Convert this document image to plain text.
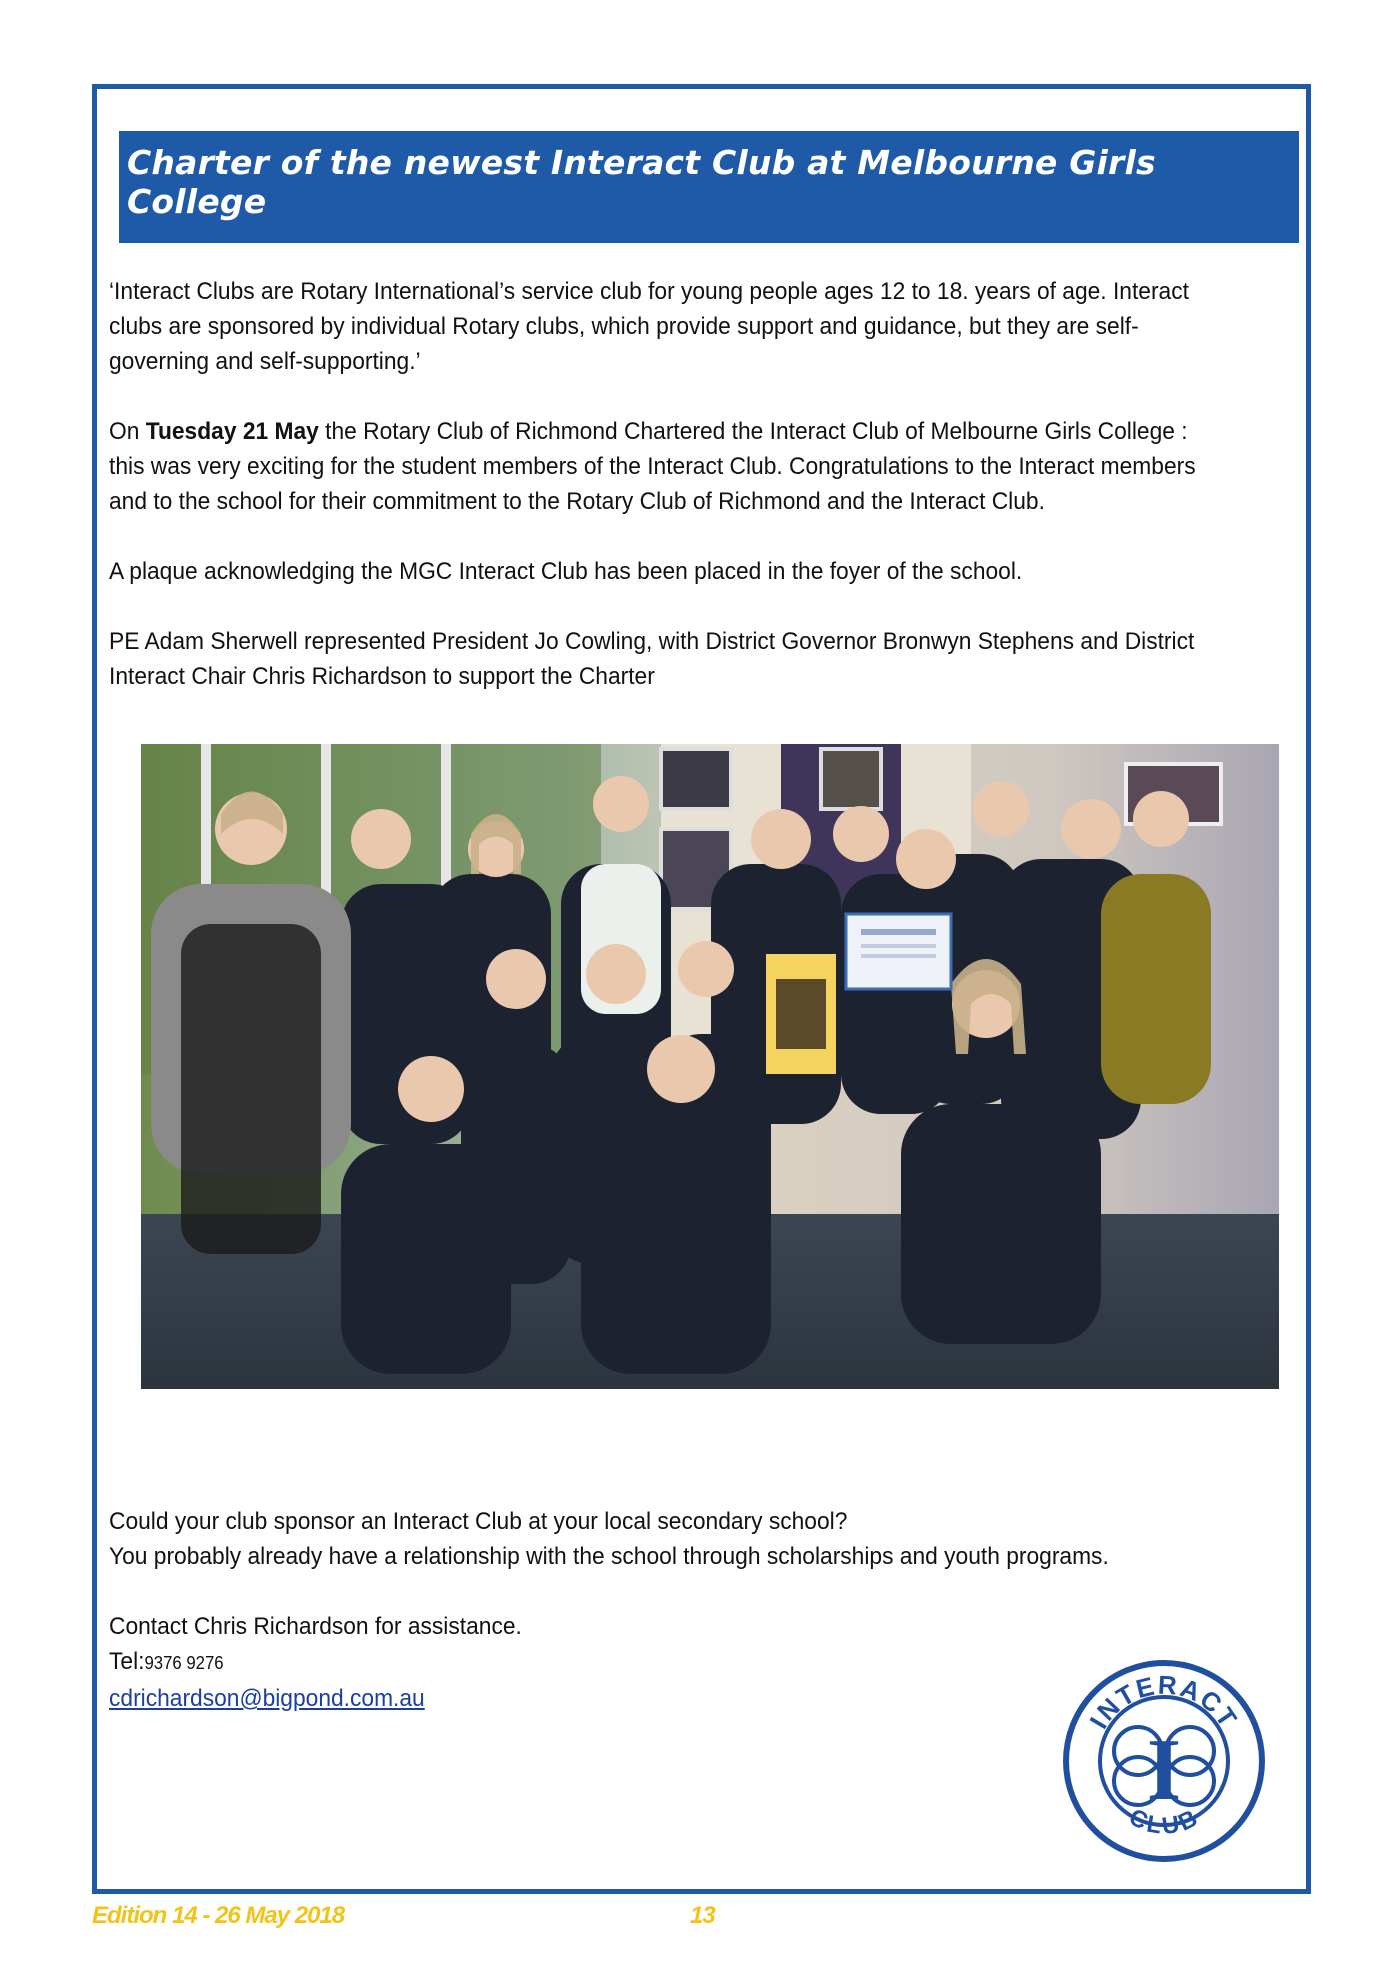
Charter of the newest Interact Club at Melbourne Girls College

‘Interact Clubs are Rotary International’s service club for young people ages 12 to 18. years of age. Interact clubs are sponsored by individual Rotary clubs, which provide support and guidance, but they are self-governing and self-supporting.’

On Tuesday 21 May the Rotary Club of Richmond Chartered the Interact Club of Melbourne Girls College : this was very exciting for the student members of the Interact Club. Congratulations to the Interact members and to the school for their commitment to the Rotary Club of Richmond and the Interact Club.

A plaque acknowledging the MGC Interact Club has been placed in the foyer of the school.

PE Adam Sherwell represented President Jo Cowling, with District Governor Bronwyn Stephens and District Interact Chair Chris Richardson to support the Charter

Could your club sponsor an Interact Club at your local secondary school?

You probably already have a relationship with the school through scholarships and youth programs.

Contact Chris Richardson for assistance.

Tel:9376 9276

cdrichardson@bigpond.com.au

INTERACT
CLUB
I
Edition 14 - 26 May 2018	13
